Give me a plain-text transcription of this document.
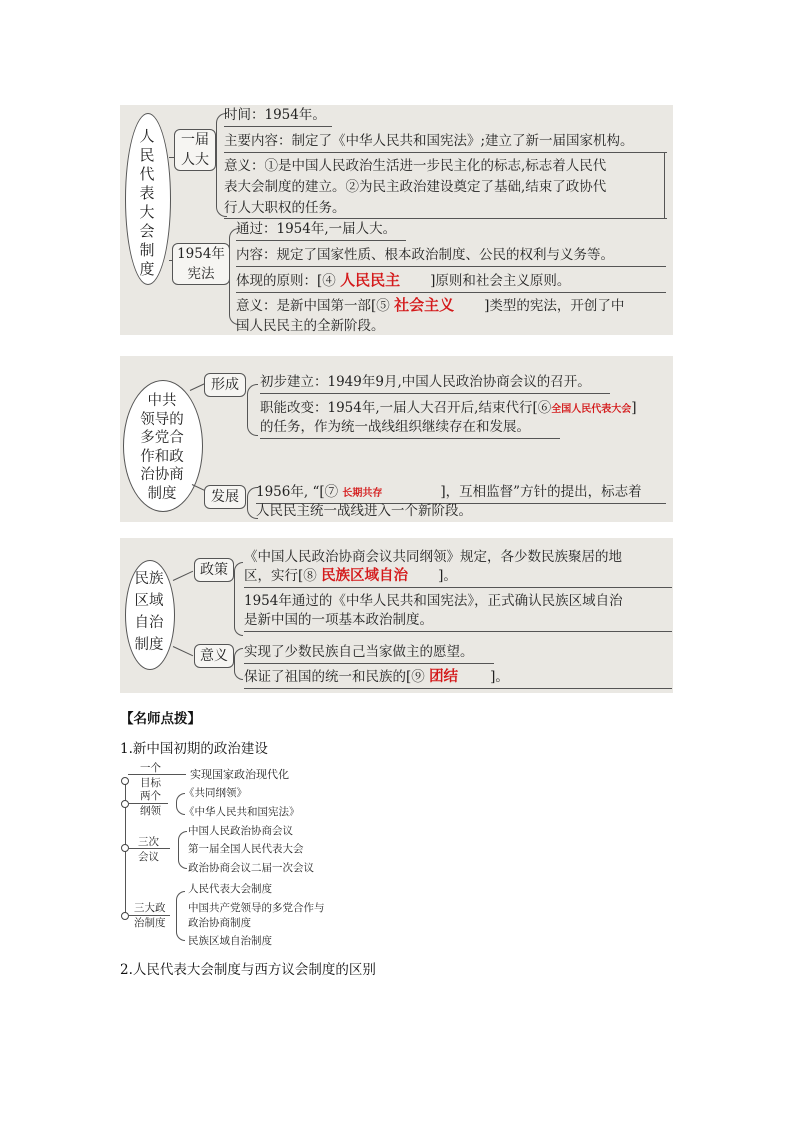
人
民
代
表
大
会
制
度
一届
人大
时间：1954年。
主要内容：制定了《中华人民共和国宪法》;建立了新一届国家机构。
意义：①是中国人民政治生活进一步民主化的标志,标志着人民代
表大会制度的建立。②为民主政治建设奠定了基础,结束了政协代
行人大职权的任务。
1954年
宪法
通过：1954年,一届人大。
内容：规定了国家性质、根本政治制度、公民的权利与义务等。
体现的原则：[④ 人民民主 ]原则和社会主义原则。
意义：是新中国第一部[⑤ 社会主义 ]类型的宪法，开创了中
国人民民主的全新阶段。
中共
领导的
多党合
作和政
治协商
制度
形成	初步建立：1949年9月,中国人民政治协商会议的召开。
职能改变：1954年,一届人大召开后,结束代行[⑥全国人民代表大会]
的任务，作为统一战线组织继续存在和发展。
发展	1956年, “[⑦ 长期共存	]，互相监督”方针的提出，标志着
人民民主统一战线进入一个新阶段。
民族
区域
自治
制度
政策
《中国人民政治协商会议共同纲领》规定，各少数民族聚居的地
区，实行[⑧ 民族区域自治 ]。
1954年通过的《中华人民共和国宪法》，正式确认民族区域自治
是新中国的一项基本政治制度。
意义	实现了少数民族自己当家做主的愿望。
保证了祖国的统一和民族的[⑨ 团结 ]。
【名师点拨】
1.新中国初期的政治建设
一个
目标
实现国家政治现代化
两个
纲领
《共同纲领》
《中华人民共和国宪法》
三次
会议
中国人民政治协商会议
第一届全国人民代表大会
政治协商会议二届一次会议
三大政
治制度
人民代表大会制度
中国共产党领导的多党合作与
政治协商制度
民族区域自治制度
2.人民代表大会制度与西方议会制度的区别
